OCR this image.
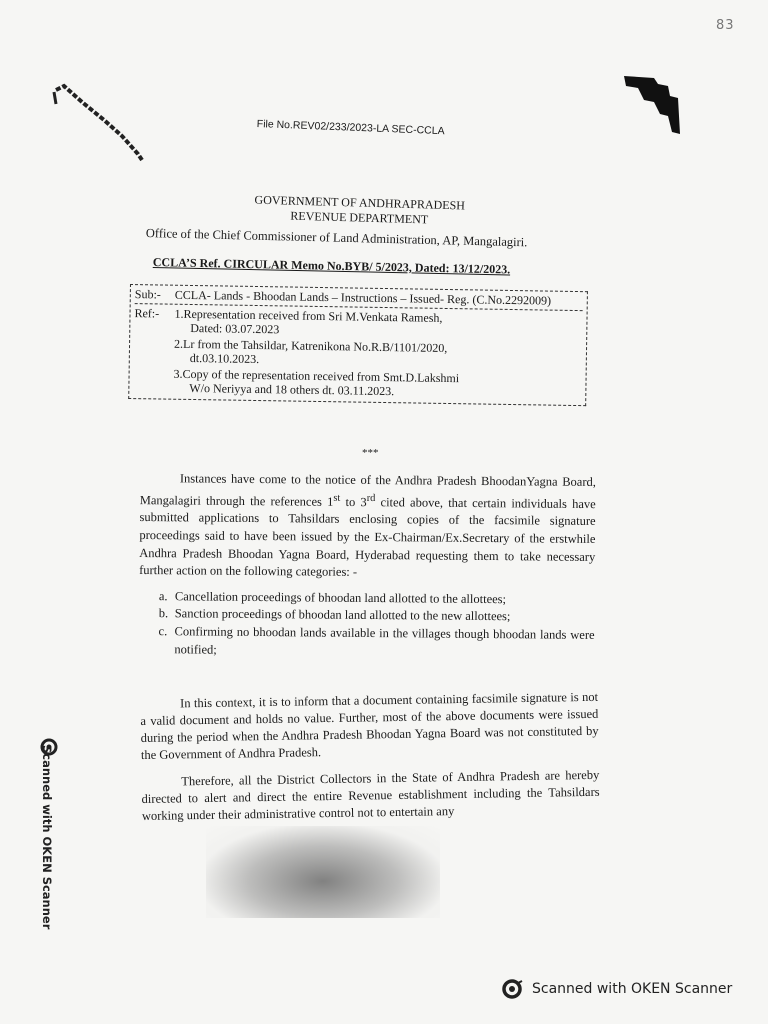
83
File No.REV02/233/2023-LA SEC-CCLA
GOVERNMENT OF ANDHRAPRADESH
REVENUE DEPARTMENT
Office of the Chief Commissioner of Land Administration, AP, Mangalagiri.
CCLA’S Ref. CIRCULAR Memo No.BYB/ 5/2023, Dated: 13/12/2023.
Sub:-	CCLA- Lands - Bhoodan Lands – Instructions – Issued- Reg. (C.No.2292009)
Ref:-	1.Representation received from Sri M.Venkata Ramesh,
Dated: 03.07.2023
2.Lr from the Tahsildar, Katrenikona No.R.B/1101/2020,
dt.03.10.2023.
3.Copy of the representation received from Smt.D.Lakshmi
W/o Neriyya and 18 others dt. 03.11.2023.
***

Instances have come to the notice of the Andhra Pradesh BhoodanYagna Board, Mangalagiri through the references 1st to 3rd cited above, that certain individuals have submitted applications to Tahsildars enclosing copies of the facsimile signature proceedings said to have been issued by the Ex-Chairman/Ex.Secretary of the erstwhile Andhra Pradesh Bhoodan Yagna Board, Hyderabad requesting them to take necessary further action on the following categories: -

a. Cancellation proceedings of bhoodan land allotted to the allottees;
b. Sanction proceedings of bhoodan land allotted to the new allottees;
c. Confirming no bhoodan lands available in the villages though bhoodan lands were notified;

In this context, it is to inform that a document containing facsimile signature is not a valid document and holds no value. Further, most of the above documents were issued during the period when the Andhra Pradesh Bhoodan Yagna Board was not constituted by the Government of Andhra Pradesh.

Therefore, all the District Collectors in the State of Andhra Pradesh are hereby directed to alert and direct the entire Revenue establishment including the Tahsildars working under their administrative control not to entertain any

Scanned with OKEN Scanner
Scanned with OKEN Scanner
